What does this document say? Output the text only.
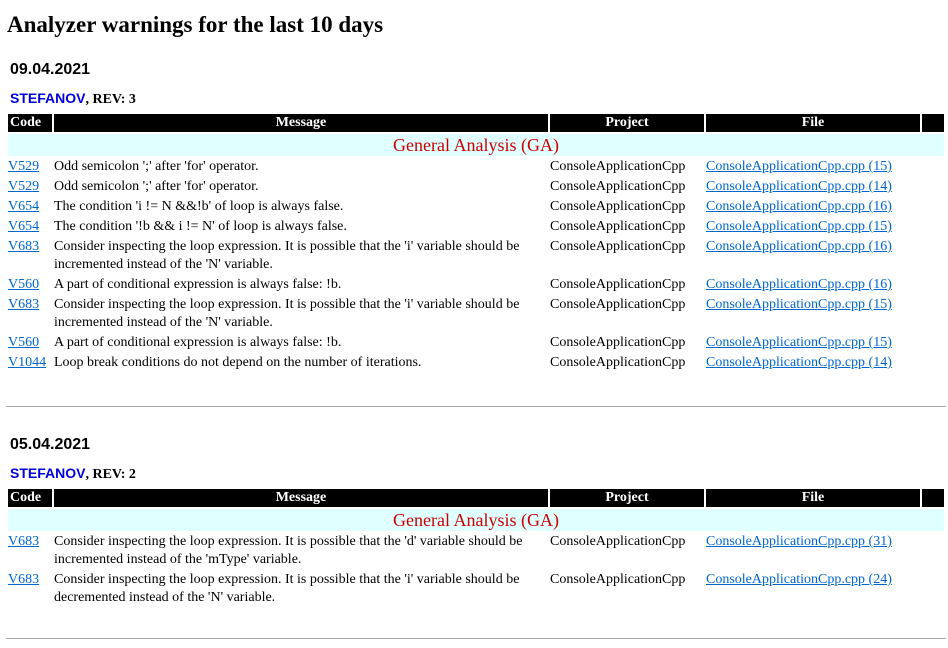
Analyzer warnings for the last 10 days
09.04.2021
STEFANOV, REV: 3
Code	Message	Project	File	
General Analysis (GA)				
V529	Odd semicolon ';' after 'for' operator.	ConsoleApplicationCpp	ConsoleApplicationCpp.cpp (15)	
V529	Odd semicolon ';' after 'for' operator.	ConsoleApplicationCpp	ConsoleApplicationCpp.cpp (14)	
V654	The condition 'i != N &&!b' of loop is always false.	ConsoleApplicationCpp	ConsoleApplicationCpp.cpp (16)	
V654	The condition '!b && i != N' of loop is always false.	ConsoleApplicationCpp	ConsoleApplicationCpp.cpp (15)	
V683	Consider inspecting the loop expression. It is possible that the 'i' variable should be incremented instead of the 'N' variable.	ConsoleApplicationCpp	ConsoleApplicationCpp.cpp (16)	
V560	A part of conditional expression is always false: !b.	ConsoleApplicationCpp	ConsoleApplicationCpp.cpp (16)	
V683	Consider inspecting the loop expression. It is possible that the 'i' variable should be incremented instead of the 'N' variable.	ConsoleApplicationCpp	ConsoleApplicationCpp.cpp (15)	
V560	A part of conditional expression is always false: !b.	ConsoleApplicationCpp	ConsoleApplicationCpp.cpp (15)	
V1044	Loop break conditions do not depend on the number of iterations.	ConsoleApplicationCpp	ConsoleApplicationCpp.cpp (14)	
05.04.2021
STEFANOV, REV: 2
Code	Message	Project	File	
General Analysis (GA)				
V683	Consider inspecting the loop expression. It is possible that the 'd' variable should be incremented instead of the 'mType' variable.	ConsoleApplicationCpp	ConsoleApplicationCpp.cpp (31)	
V683	Consider inspecting the loop expression. It is possible that the 'i' variable should be decremented instead of the 'N' variable.	ConsoleApplicationCpp	ConsoleApplicationCpp.cpp (24)	
